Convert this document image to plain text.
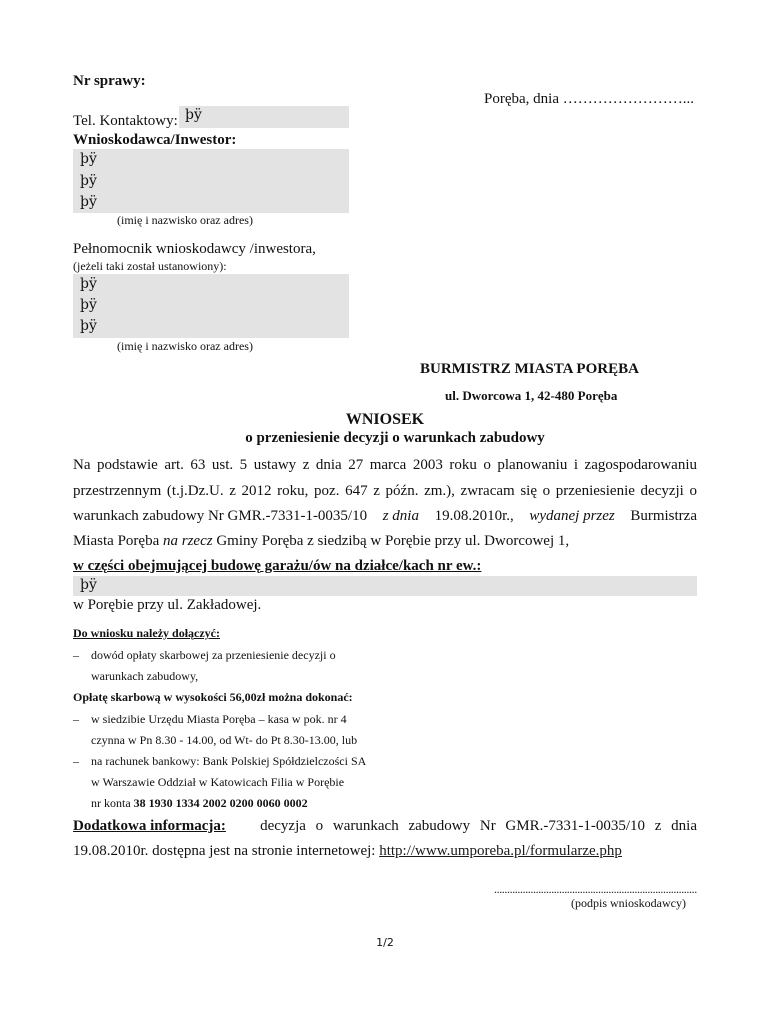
Nr sprawy:
Poręba, dnia ……………………...
Tel. Kontaktowy: þÿ
Wnioskodawca/Inwestor:
þÿ
þÿ
þÿ
(imię i nazwisko oraz adres)
Pełnomocnik wnioskodawcy /inwestora,
(jeżeli taki został ustanowiony):
þÿ
þÿ
þÿ
(imię i nazwisko oraz adres)
BURMISTRZ MIASTA PORĘBA
ul. Dworcowa 1, 42-480 Poręba
WNIOSEK
o przeniesienie decyzji o warunkach zabudowy
Na podstawie art. 63 ust. 5 ustawy z dnia 27 marca 2003 roku o planowaniu i zagospodarowaniu
przestrzennym (t.j.Dz.U. z 2012 roku, poz. 647 z późn. zm.), zwracam się o przeniesienie decyzji o
warunkach zabudowy Nr GMR.-7331-1-0035/10 z dnia 19.08.2010r., wydanej przez Burmistrza
Miasta Poręba na rzecz Gminy Poręba z siedzibą w Porębie przy ul. Dworcowej 1,
w części obejmującej budowę garażu/ów na działce/kach nr ew.:
þÿ
w Porębie przy ul. Zakładowej.
Do wniosku należy dołączyć:
– dowód opłaty skarbowej za przeniesienie decyzji o
warunkach zabudowy,
Opłatę skarbową w wysokości 56,00zł można dokonać:
– w siedzibie Urzędu Miasta Poręba – kasa w pok. nr 4
czynna w Pn 8.30 - 14.00, od Wt- do Pt 8.30-13.00, lub
– na rachunek bankowy: Bank Polskiej Spółdzielczości SA
w Warszawie Oddział w Katowicach Filia w Porębie
nr konta 38 1930 1334 2002 0200 0060 0002
Dodatkowa informacja: decyzja o warunkach zabudowy Nr GMR.-7331-1-0035/10 z dnia
19.08.2010r. dostępna jest na stronie internetowej: http://www.umporeba.pl/formularze.php
..............................................................................
(podpis wnioskodawcy)
1/2
